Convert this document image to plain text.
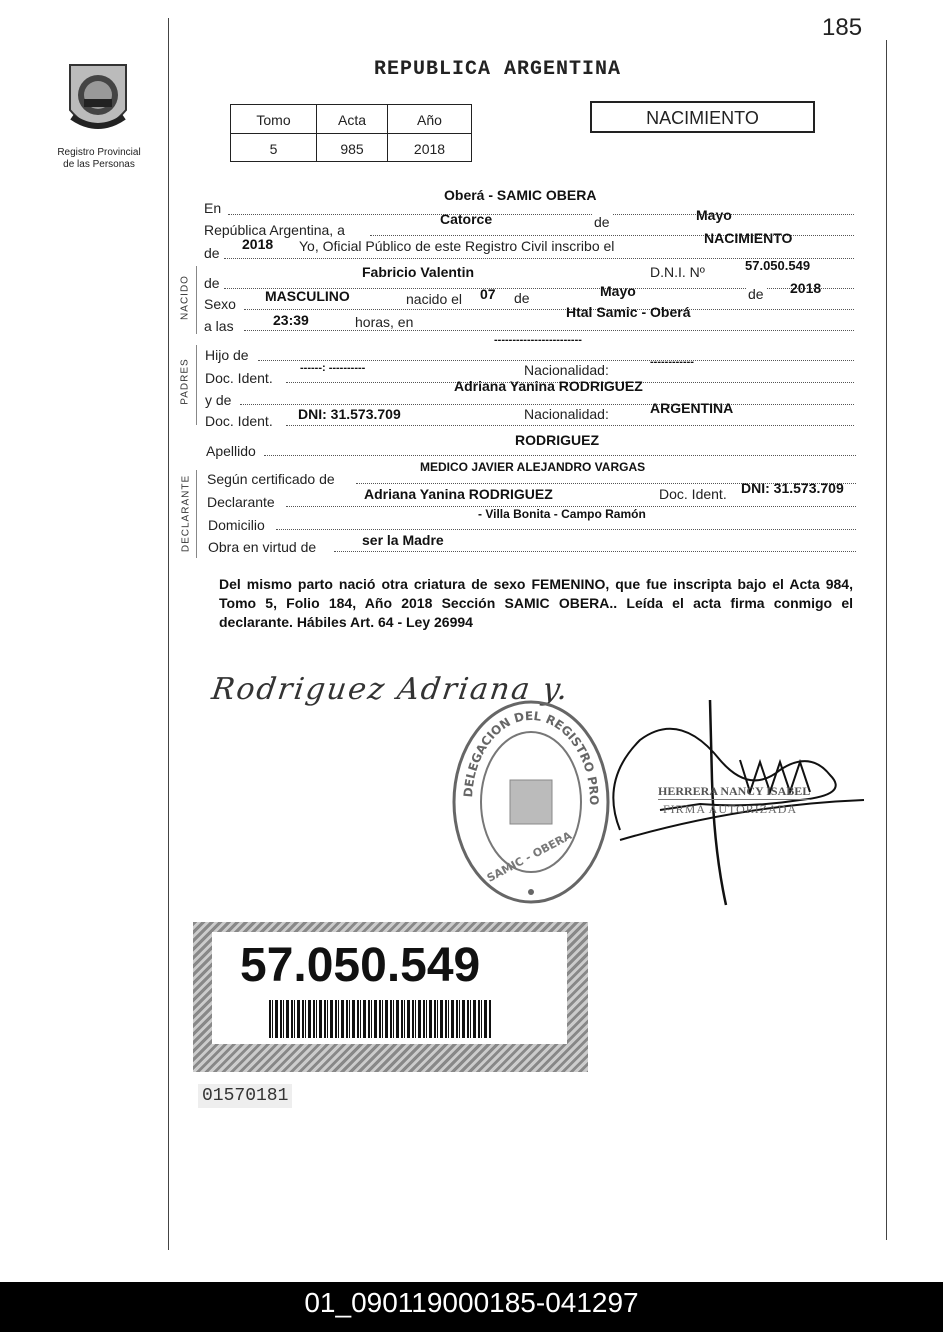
185
Registro Provincial
de las Personas
REPUBLICA ARGENTINA
Tomo	Acta	Año
5	985	2018
NACIMIENTO
En
Oberá - SAMIC OBERA
República Argentina, a
Catorce	de	Mayo
de
2018 Yo, Oficial Público de este Registro Civil inscribo el	NACIMIENTO
NACIDO de
Fabricio Valentin	D.N.I. Nº	57.050.549
Sexo MASCULINO	nacido el 07 de	Mayo	de 2018
a las	23:39	horas, en
Htal Samic - Oberá
PADRES
Hijo de
------------------------
Doc. Ident.
------: ----------	Nacionalidad:	------------
y de
Adriana Yanina RODRIGUEZ
Doc. Ident. DNI: 31.573.709	Nacionalidad:	ARGENTINA
Apellido
RODRIGUEZ
DECLARANTE Según certificado de
MEDICO JAVIER ALEJANDRO VARGAS
Declarante	Adriana Yanina RODRIGUEZ	Doc. Ident. DNI: 31.573.709
Domicilio
- Villa Bonita - Campo Ramón
Obra en virtud de	ser la Madre
Del mismo parto nació otra criatura de sexo FEMENINO, que fue inscripta bajo el Acta 984, Tomo 5, Folio 184, Año 2018 Sección SAMIC OBERA.. Leída el acta firma conmigo el declarante. Hábiles Art. 64 - Ley 26994
Rodriguez Adriana y.
DELEGACION DEL REGISTRO PRO
SAMIC - OBERA
HERRERA NANCY ISABEL
FIRMA AUTORIZADA
57.050.549
01570181
01_090119000185-041297
